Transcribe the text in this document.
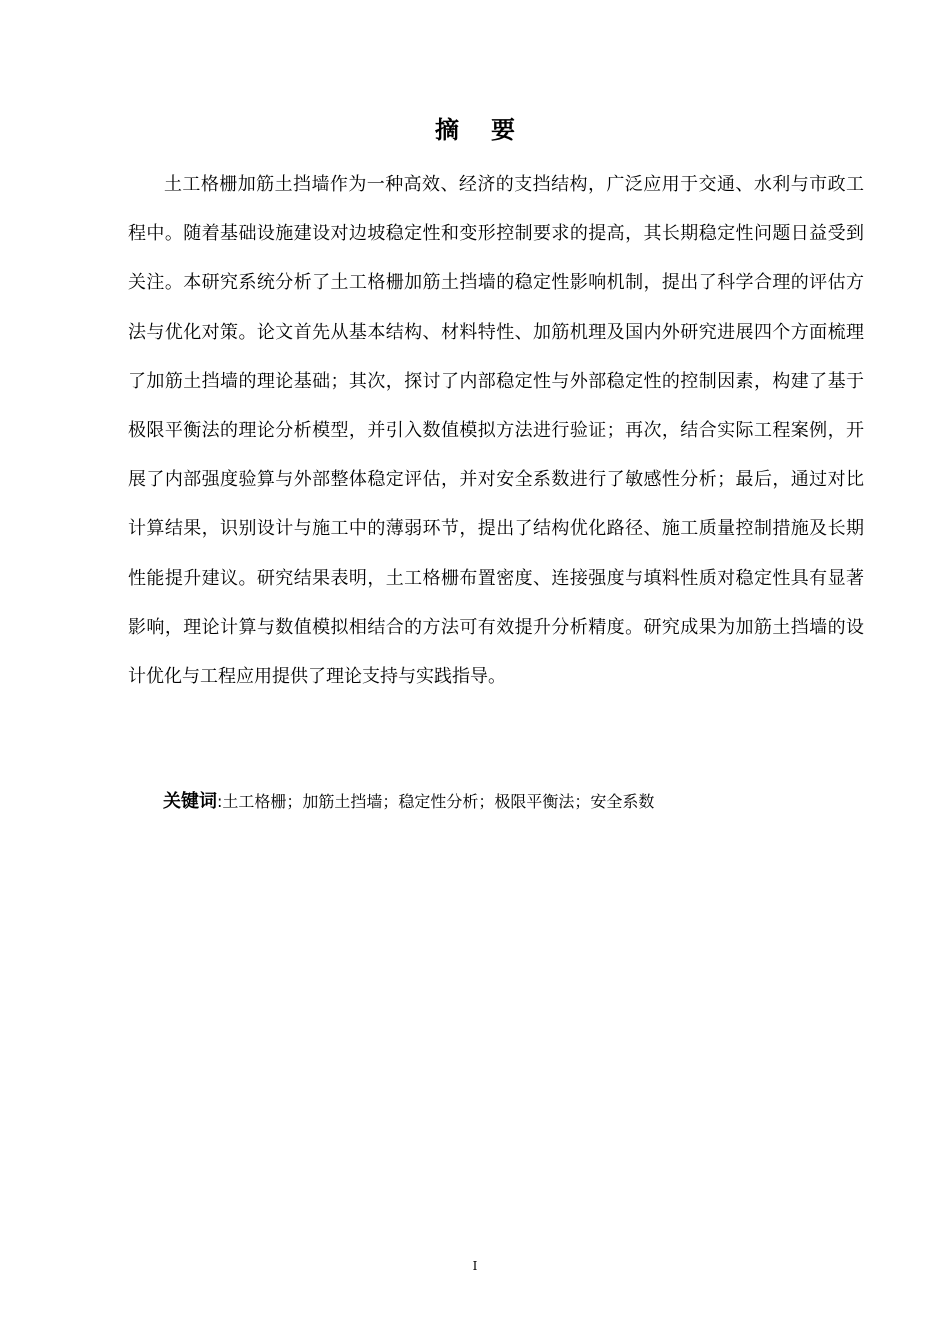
摘 要

土工格栅加筋土挡墙作为一种高效、经济的支挡结构，广泛应用于交通、水利与市政工程中。随着基础设施建设对边坡稳定性和变形控制要求的提高，其长期稳定性问题日益受到关注。本研究系统分析了土工格栅加筋土挡墙的稳定性影响机制，提出了科学合理的评估方法与优化对策。论文首先从基本结构、材料特性、加筋机理及国内外研究进展四个方面梳理了加筋土挡墙的理论基础；其次，探讨了内部稳定性与外部稳定性的控制因素，构建了基于极限平衡法的理论分析模型，并引入数值模拟方法进行验证；再次，结合实际工程案例，开展了内部强度验算与外部整体稳定评估，并对安全系数进行了敏感性分析；最后，通过对比计算结果，识别设计与施工中的薄弱环节，提出了结构优化路径、施工质量控制措施及长期性能提升建议。研究结果表明，土工格栅布置密度、连接强度与填料性质对稳定性具有显著影响，理论计算与数值模拟相结合的方法可有效提升分析精度。研究成果为加筋土挡墙的设计优化与工程应用提供了理论支持与实践指导。

关键词:土工格栅；加筋土挡墙；稳定性分析；极限平衡法；安全系数
I
